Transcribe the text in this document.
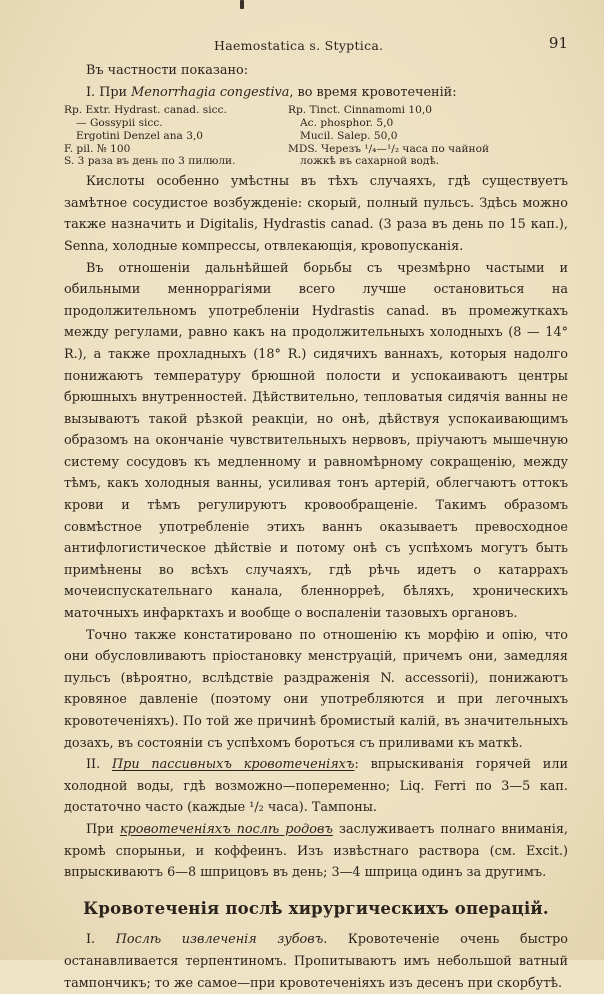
Haemostatica s. Styptica.	91

Въ частности показано:

I. При Menorrhagia congestiva, во время кровотеченій:

Rp. Extr. Hydrast. canad. sicc.	Rp. Tinct. Cinnamomi 10,0
— Gossypii sicc.	Ac. phosphor. 5,0
Ergotini Denzel ana 3,0	Mucil. Salep. 50,0
F. pil. № 100	MDS. Черезъ ¹/₄—¹/₂ часа по чайной
S. 3 раза въ день по 3 пилюли.	ложкѣ въ сахарной водѣ.

Кислоты особенно умѣстны въ тѣхъ случаяхъ, гдѣ существуетъ замѣтное сосудистое возбужденіе: скорый, полный пульсъ. Здѣсь можно также назначить и Digitalis, Hydrastis canad. (3 раза въ день по 15 кап.), Senna, холодные компрессы, отвлекающія, кровопусканія.

Въ отношеніи дальнѣйшей борьбы съ чрезмѣрно частыми и обильными менноррагіями всего лучше остановиться на продолжительномъ употребленіи Hydrastis canad. въ промежуткахъ между регулами, равно какъ на продолжительныхъ холодныхъ (8 — 14° R.), а также прохладныхъ (18° R.) сидячихъ ваннахъ, которыя надолго понижаютъ температуру брюшной полости и успокаиваютъ центры брюшныхъ внутренностей. Дѣйствительно, тепловатыя сидячія ванны не вызываютъ такой рѣзкой реакціи, но онѣ, дѣйствуя успокаивающимъ образомъ на окончаніе чувствительныхъ нервовъ, пріучаютъ мышечную систему сосудовъ къ медленному и равномѣрному сокращенію, между тѣмъ, какъ холодныя ванны, усиливая тонъ артерій, облегчаютъ оттокъ крови и тѣмъ регулируютъ кровообращеніе. Такимъ образомъ совмѣстное употребленіе этихъ ваннъ оказываетъ превосходное антифлогистическое дѣйствіе и потому онѣ съ успѣхомъ могутъ быть примѣнены во всѣхъ случаяхъ, гдѣ рѣчь идетъ о катаррахъ мочеиспускательнаго канала, бленноррeѣ, бѣляхъ, хроническихъ маточныхъ инфарктахъ и вообще о воспаленіи тазовыхъ органовъ.

Точно также констатировано по отношенію къ морфію и опію, что они обусловливаютъ пріостановку менструацій, причемъ они, замедляя пульсъ (вѣроятно, вслѣдствіе раздраженія N. accessorii), понижаютъ кровяное давленіе (поэтому они употребляются и при легочныхъ кровотеченіяхъ). По той же причинѣ бромистый калій, въ значительныхъ дозахъ, въ состояніи съ успѣхомъ бороться съ приливами къ маткѣ.

II. При пассивныхъ кровотеченіяхъ: впрыскиванія горячей или холодной воды, гдѣ возможно—попеременно; Liq. Ferri по 3—5 кап. достаточно часто (каждые ¹/₂ часа). Тампоны.

При кровотеченіяхъ послѣ родовъ заслуживаетъ полнаго вниманія, кромѣ спорыньи, и коффеинъ. Изъ извѣстнаго раствора (см. Excit.) впрыскиваютъ 6—8 шприцовъ въ день; 3—4 шприца одинъ за другимъ.

Кровотеченія послѣ хирургическихъ операцій.

I. Послѣ извлеченія зубовъ. Кровотеченіе очень быстро останавливается терпентиномъ. Пропитываютъ имъ небольшой ватный тампончикъ; то же самое—при кровотеченіяхъ изъ десенъ при скорбутѣ.
